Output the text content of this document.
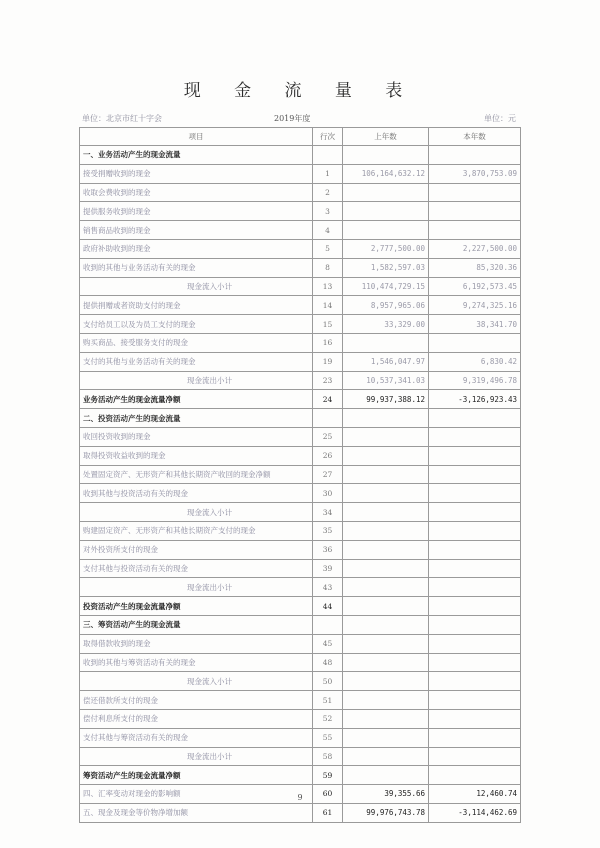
现 金 流 量 表
单位：北京市红十字会	2019年度	单位：元
项目	行次	上年数	本年数
一、业务活动产生的现金流量			
接受捐赠收到的现金	1	106,164,632.12	3,870,753.09
收取会费收到的现金	2		
提供服务收到的现金	3		
销售商品收到的现金	4		
政府补助收到的现金	5	2,777,500.00	2,227,500.00
收到的其他与业务活动有关的现金	8	1,582,597.03	85,320.36
现金流入小计	13	110,474,729.15	6,192,573.45
提供捐赠或者资助支付的现金	14	8,957,965.06	9,274,325.16
支付给员工以及为员工支付的现金	15	33,329.00	38,341.70
购买商品、接受服务支付的现金	16		
支付的其他与业务活动有关的现金	19	1,546,047.97	6,830.42
现金流出小计	23	10,537,341.03	9,319,496.78
业务活动产生的现金流量净额	24	99,937,388.12	-3,126,923.43
二、投资活动产生的现金流量			
收回投资收到的现金	25		
取得投资收益收到的现金	26		
处置固定资产、无形资产和其他长期资产收回的现金净额	27		
收到其他与投资活动有关的现金	30		
现金流入小计	34		
购建固定资产、无形资产和其他长期资产支付的现金	35		
对外投资所支付的现金	36		
支付其他与投资活动有关的现金	39		
现金流出小计	43		
投资活动产生的现金流量净额	44		
三、筹资活动产生的现金流量			
取得借款收到的现金	45		
收到的其他与筹资活动有关的现金	48		
现金流入小计	50		
偿还借款所支付的现金	51		
偿付利息所支付的现金	52		
支付其他与筹资活动有关的现金	55		
现金流出小计	58		
筹资活动产生的现金流量净额	59		
四、汇率变动对现金的影响额	60	39,355.66	12,460.74
五、现金及现金等价物净增加额	61	99,976,743.78	-3,114,462.69
9
